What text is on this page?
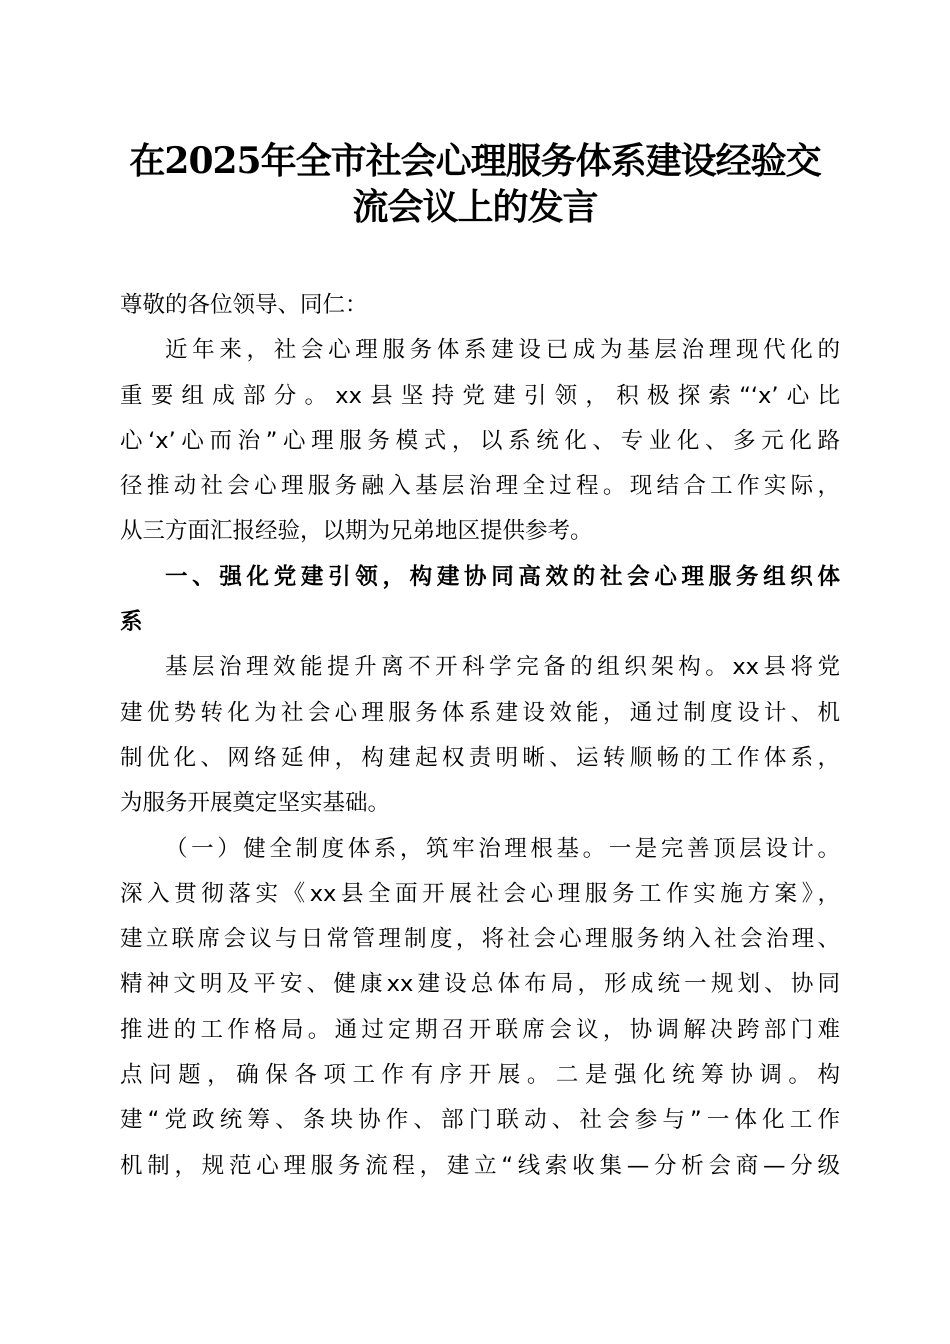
在2025年全市社会心理服务体系建设经验交
流会议上的发言
尊敬的各位领导、同仁：
近年来，社会心理服务体系建设已成为基层治理现代化的
重要组成部分。xx县坚持党建引领，积极探索“‘x’心比
心‘x’心而治”心理服务模式，以系统化、专业化、多元化路
径推动社会心理服务融入基层治理全过程。现结合工作实际，
从三方面汇报经验，以期为兄弟地区提供参考。
一、强化党建引领，构建协同高效的社会心理服务组织体
系
基层治理效能提升离不开科学完备的组织架构。xx县将党
建优势转化为社会心理服务体系建设效能，通过制度设计、机
制优化、网络延伸，构建起权责明晰、运转顺畅的工作体系，
为服务开展奠定坚实基础。
（一）健全制度体系，筑牢治理根基。一是完善顶层设计。
深入贯彻落实《xx县全面开展社会心理服务工作实施方案》，
建立联席会议与日常管理制度，将社会心理服务纳入社会治理、
精神文明及平安、健康xx建设总体布局，形成统一规划、协同
推进的工作格局。通过定期召开联席会议，协调解决跨部门难
点问题，确保各项工作有序开展。二是强化统筹协调。构
建“党政统筹、条块协作、部门联动、社会参与”一体化工作
机制，规范心理服务流程，建立“线索收集—分析会商—分级
